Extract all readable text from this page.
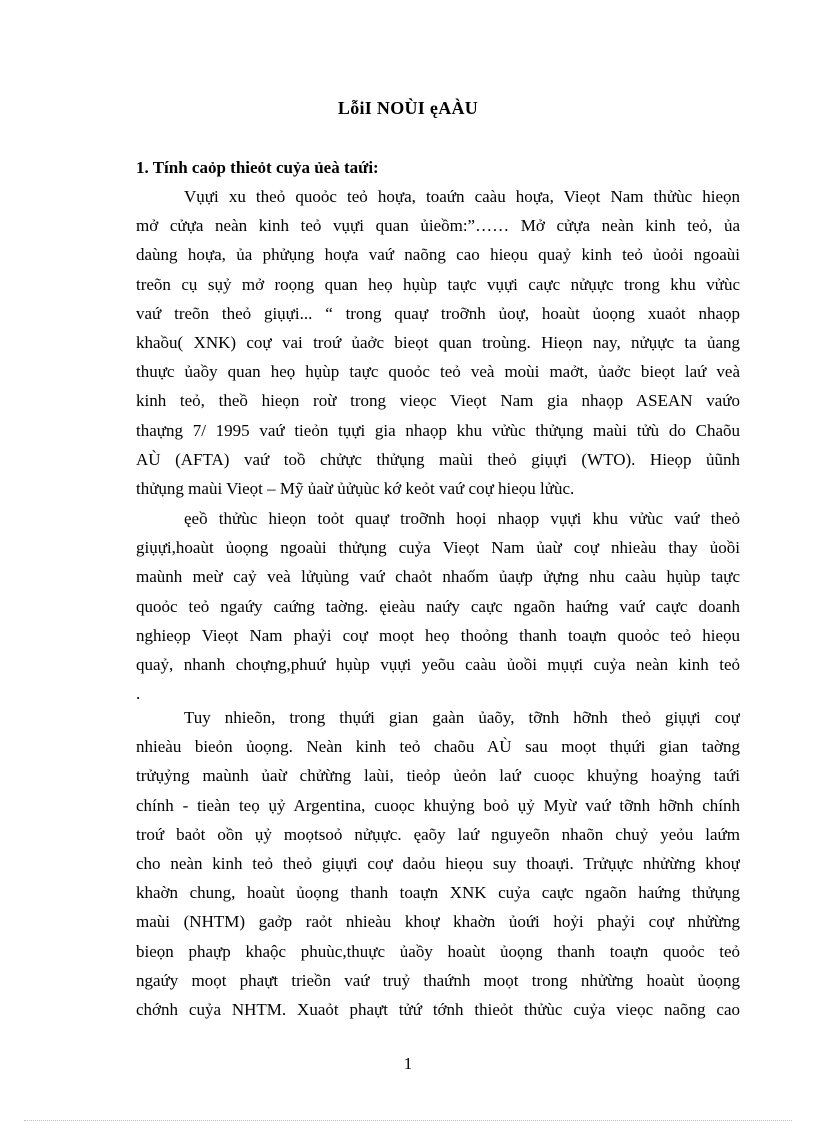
LỗiI NOÙI ęAÀU
1. Tính caỏp thieỏt cuỷa ủeà taứi:
Vụựi xu theỏ quoỏc teỏ hoựa, toaứn caàu hoựa, Vieọt Nam thửùc hieọn
mở cửựa neàn kinh teỏ vụựi quan ủieồm:”…… Mở cửựa neàn kinh teỏ, ủa
daùng hoựa, ủa phửụng hoựa vaứ naõng cao hieọu quaỷ kinh teỏ ủoỏi ngoaùi
treõn cụ sụỷ mở roọng quan heọ hụùp taực vụựi caực nửụực trong khu vửùc
vaứ treõn theỏ giụựi... “ trong quaự troỡnh ủoự, hoaùt ủoọng xuaỏt nhaọp
khaồu( XNK) coự vai troứ ủaởc bieọt quan troùng. Hieọn nay, nửụực ta ủang
thuực ủaồy quan heọ hụùp taực quoỏc teỏ veà moùi maởt, ủaởc bieọt laứ veà
kinh teỏ, theồ hieọn roừ trong vieọc Vieọt Nam gia nhaọp ASEAN vaứo
thaựng 7/ 1995 vaứ tieỏn tụựi gia nhaọp khu vửùc thửụng maùi tửù do Chaõu
AÙ (AFTA) vaứ toồ chửực thửụng maùi theỏ giụựi (WTO). Hieọp ủũnh
thửụng maùi Vieọt – Mỹ ủaừ ủửụùc kớ keỏt vaứ coự hieọu lửùc.
ęeồ thửùc hieọn toỏt quaự troỡnh hoọi nhaọp vụựi khu vửùc vaứ theỏ
giụựi,hoaùt ủoọng ngoaùi thửụng cuỷa Vieọt Nam ủaừ coự nhieàu thay ủoồi
maùnh meừ caỷ veà lửụùng vaứ chaỏt nhaốm ủaựp ửựng nhu caàu hụùp taực
quoỏc teỏ ngaứy caứng taờng. ęieàu naứy caực ngaõn haứng vaứ caực doanh
nghieọp Vieọt Nam phaỷi coự moọt heọ thoỏng thanh toaựn quoỏc teỏ hieọu
quaỷ, nhanh choựng,phuứ hụùp vụựi yeõu caàu ủoồi mụựi cuỷa neàn kinh teỏ
.
Tuy nhieõn, trong thụứi gian gaàn ủaõy, tỡnh hỡnh theỏ giụựi coự
nhieàu bieỏn ủoọng. Neàn kinh teỏ chaõu AÙ sau moọt thụứi gian taờng
trửụỷng maùnh ủaừ chửừng laùi, tieỏp ủeỏn laứ cuoọc khuỷng hoaỷng taứi
chính - tieàn teọ ụỷ Argentina, cuoọc khuỷng boỏ ụỷ Myừ vaứ tỡnh hỡnh chính
troứ baỏt oồn ụỷ moọtsoỏ nửụực. ęaõy laứ nguyeõn nhaõn chuỷ yeỏu laứm
cho neàn kinh teỏ theỏ giụựi coự daỏu hieọu suy thoaựi. Trửụực nhửừng khoự
khaờn chung, hoaùt ủoọng thanh toaựn XNK cuỷa caực ngaõn haứng thửụng
maùi (NHTM) gaởp raỏt nhieàu khoự khaờn ủoứi hoỷi phaỷi coự nhửừng
bieọn phaựp khaộc phuùc,thuực ủaồy hoaùt ủoọng thanh toaựn quoỏc teỏ
ngaứy moọt phaựt trieồn vaứ truỷ thaứnh moọt trong nhửừng hoaùt ủoọng
chớnh cuỷa NHTM. Xuaỏt phaựt tửứ tớnh thieỏt thửùc cuỷa vieọc naõng cao
1
